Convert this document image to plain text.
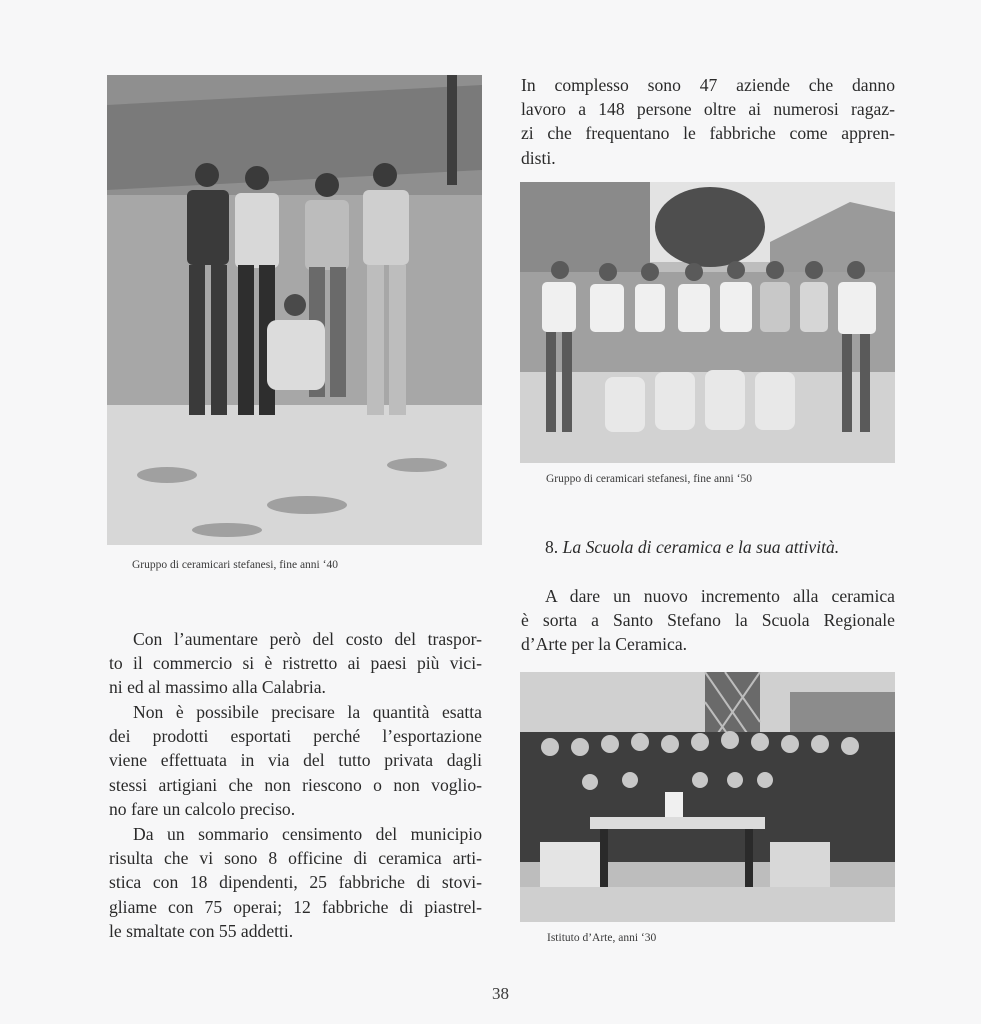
Gruppo di ceramicari stefanesi, fine anni ‘40
In complesso sono 47 aziende che danno
lavoro a 148 persone oltre ai numerosi ragaz-
zi che frequentano le fabbriche come appren-
disti.
Gruppo di ceramicari stefanesi, fine anni ‘50
8. La Scuola di ceramica e la sua attività.
A dare un nuovo incremento alla ceramica
è sorta a Santo Stefano la Scuola Regionale
d’Arte per la Ceramica.
Istituto d’Arte, anni ‘30
Con l’aumentare però del costo del traspor-
to il commercio si è ristretto ai paesi più vici-
ni ed al massimo alla Calabria.
Non è possibile precisare la quantità esatta
dei prodotti esportati perché l’esportazione
viene effettuata in via del tutto privata dagli
stessi artigiani che non riescono o non voglio-
no fare un calcolo preciso.
Da un sommario censimento del municipio
risulta che vi sono 8 officine di ceramica arti-
stica con 18 dipendenti, 25 fabbriche di stovi-
gliame con 75 operai; 12 fabbriche di piastrel-
le smaltate con 55 addetti.
38
